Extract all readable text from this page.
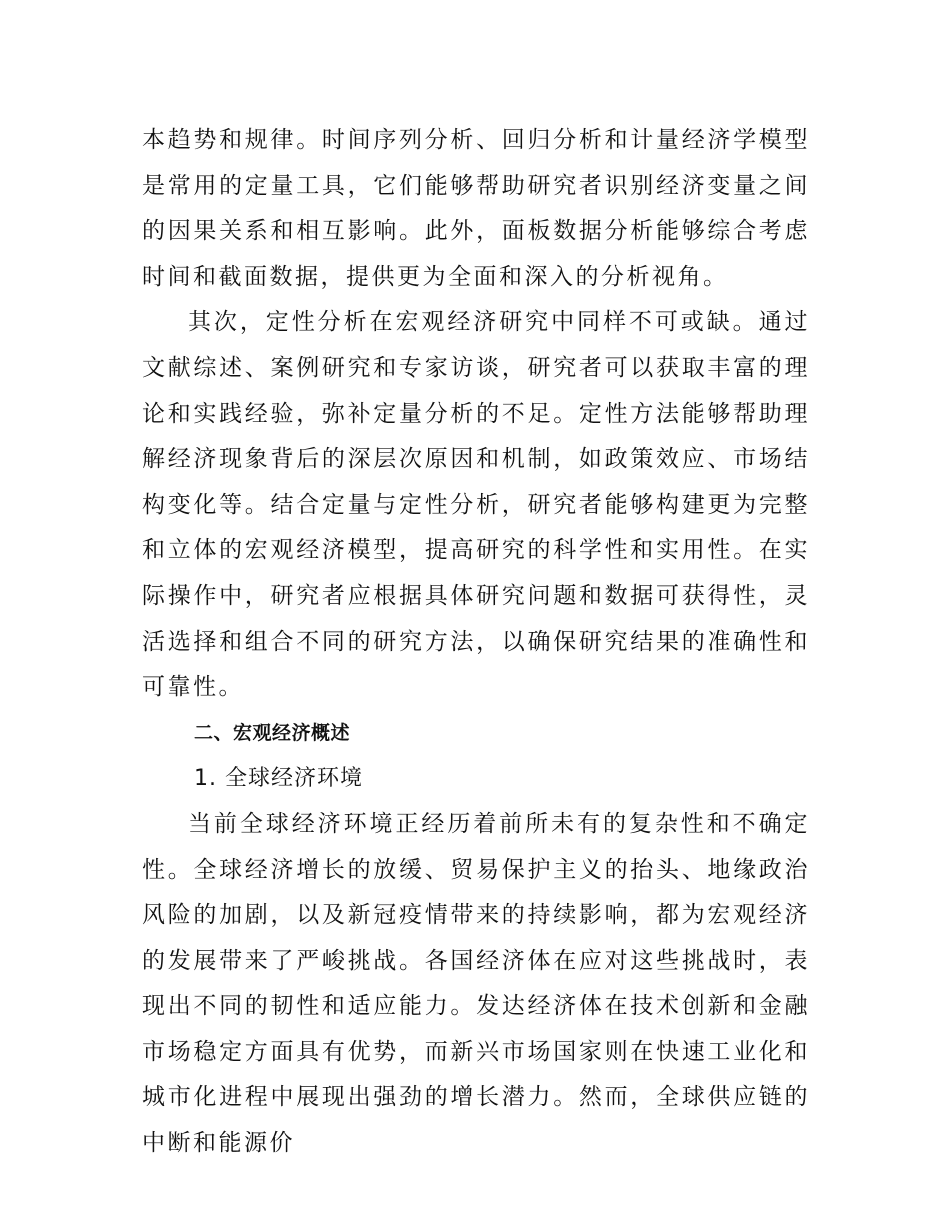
本趋势和规律。时间序列分析、回归分析和计量经济学模型是常用的定量工具，它们能够帮助研究者识别经济变量之间的因果关系和相互影响。此外，面板数据分析能够综合考虑时间和截面数据，提供更为全面和深入的分析视角。

其次，定性分析在宏观经济研究中同样不可或缺。通过文献综述、案例研究和专家访谈，研究者可以获取丰富的理论和实践经验，弥补定量分析的不足。定性方法能够帮助理解经济现象背后的深层次原因和机制，如政策效应、市场结构变化等。结合定量与定性分析，研究者能够构建更为完整和立体的宏观经济模型，提高研究的科学性和实用性。在实际操作中，研究者应根据具体研究问题和数据可获得性，灵活选择和组合不同的研究方法，以确保研究结果的准确性和可靠性。

二、宏观经济概述

1. 全球经济环境

当前全球经济环境正经历着前所未有的复杂性和不确定性。全球经济增长的放缓、贸易保护主义的抬头、地缘政治风险的加剧，以及新冠疫情带来的持续影响，都为宏观经济的发展带来了严峻挑战。各国经济体在应对这些挑战时，表现出不同的韧性和适应能力。发达经济体在技术创新和金融市场稳定方面具有优势，而新兴市场国家则在快速工业化和城市化进程中展现出强劲的增长潜力。然而，全球供应链的中断和能源价
